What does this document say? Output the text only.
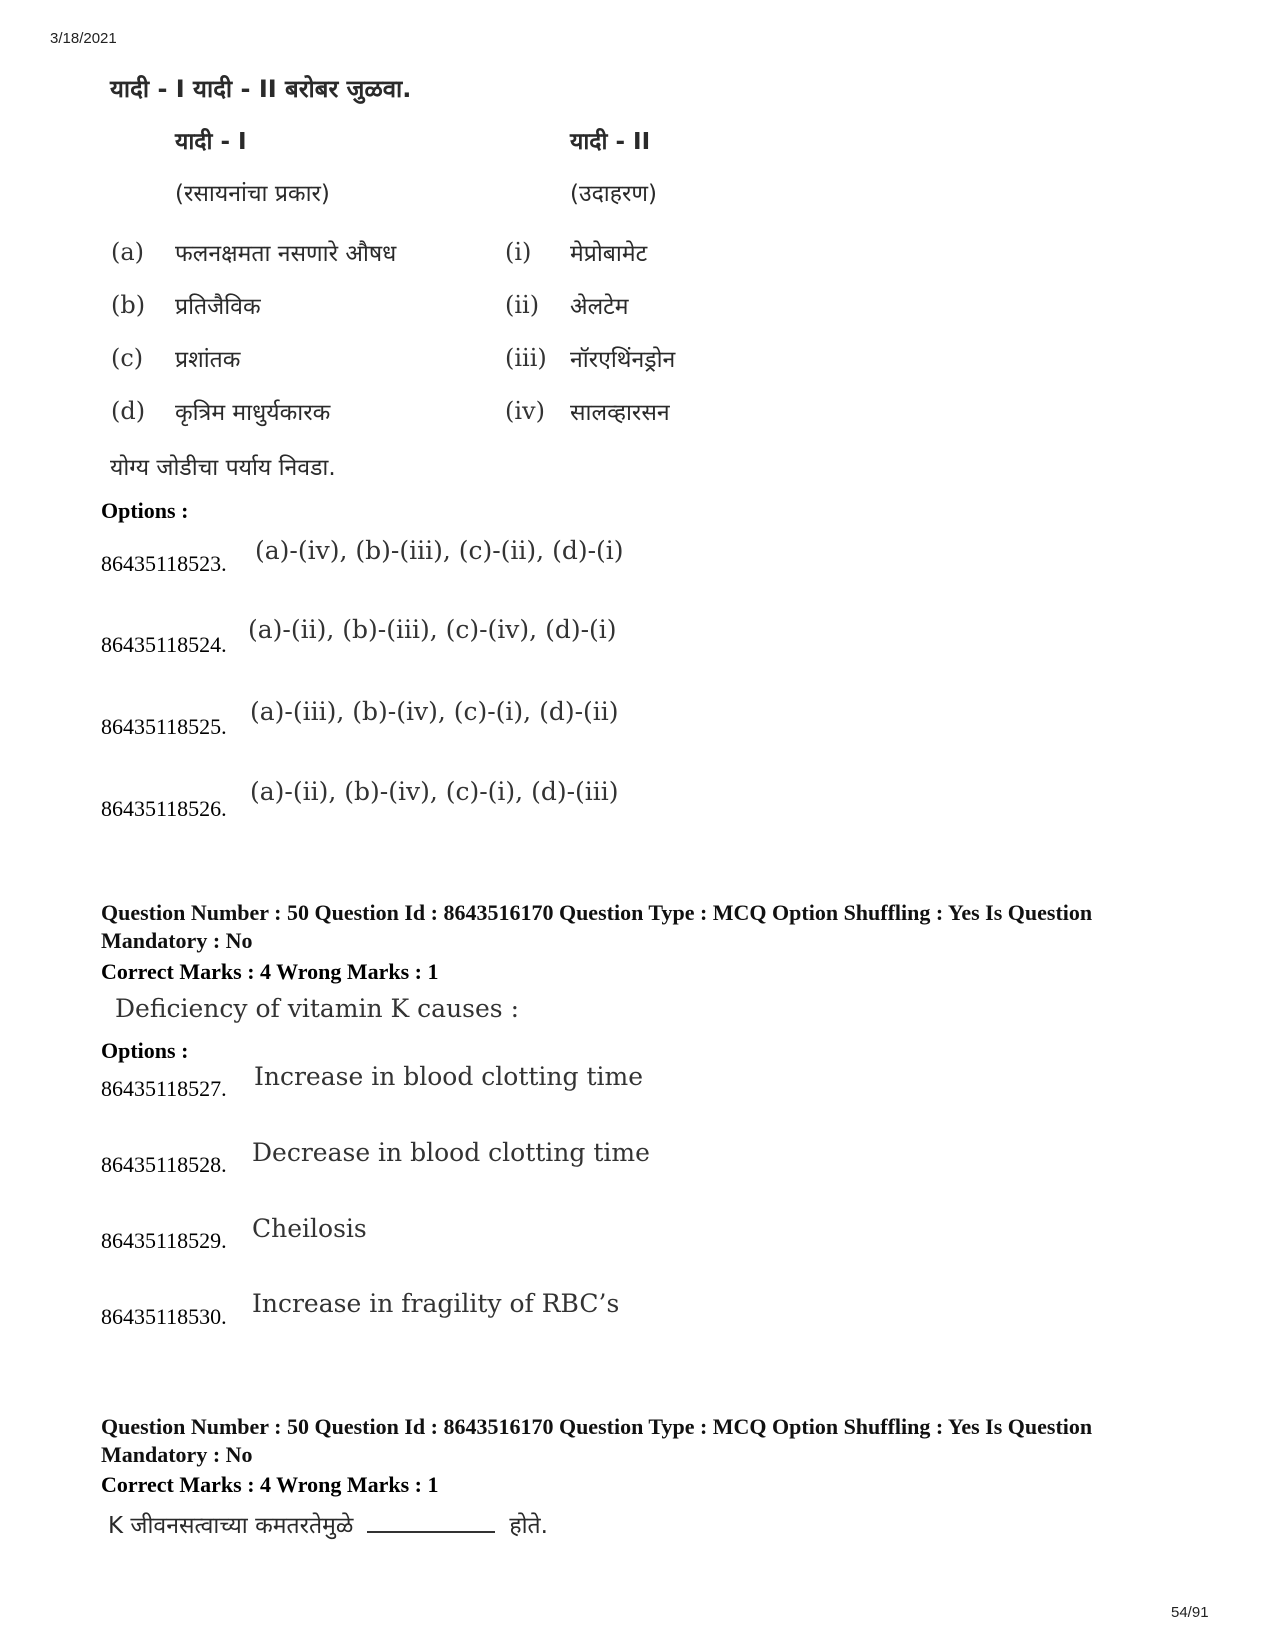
3/18/2021
54/91
यादी - I यादी - II बरोबर जुळवा.
यादी - I	यादी - II
(रसायनांचा प्रकार)	(उदाहरण)
(a) फलनक्षमता नसणारे औषध	(i) मेप्रोबामेट
(b) प्रतिजैविक	(ii) अेलटेम
(c) प्रशांतक	(iii) नॉरएथिंनड्रोन
(d) कृत्रिम माधुर्यकारक	(iv) सालव्हारसन
योग्य जोडीचा पर्याय निवडा.
Options :
86435118523. (a)-(iv), (b)-(iii), (c)-(ii), (d)-(i)
86435118524.
(a)-(ii), (b)-(iii), (c)-(iv), (d)-(i)
86435118525.
(a)-(iii), (b)-(iv), (c)-(i), (d)-(ii)
86435118526.
(a)-(ii), (b)-(iv), (c)-(i), (d)-(iii)
Question Number : 50 Question Id : 8643516170 Question Type : MCQ Option Shuffling : Yes Is Question Mandatory : No
Correct Marks : 4 Wrong Marks : 1
Deficiency of vitamin K causes :
Options :
86435118527. Increase in blood clotting time
86435118528. Decrease in blood clotting time
86435118529. Cheilosis
86435118530. Increase in fragility of RBC’s
Question Number : 50 Question Id : 8643516170 Question Type : MCQ Option Shuffling : Yes Is Question Mandatory : No
Correct Marks : 4 Wrong Marks : 1
K जीवनसत्वाच्या कमतरतेमुळे	होते.
